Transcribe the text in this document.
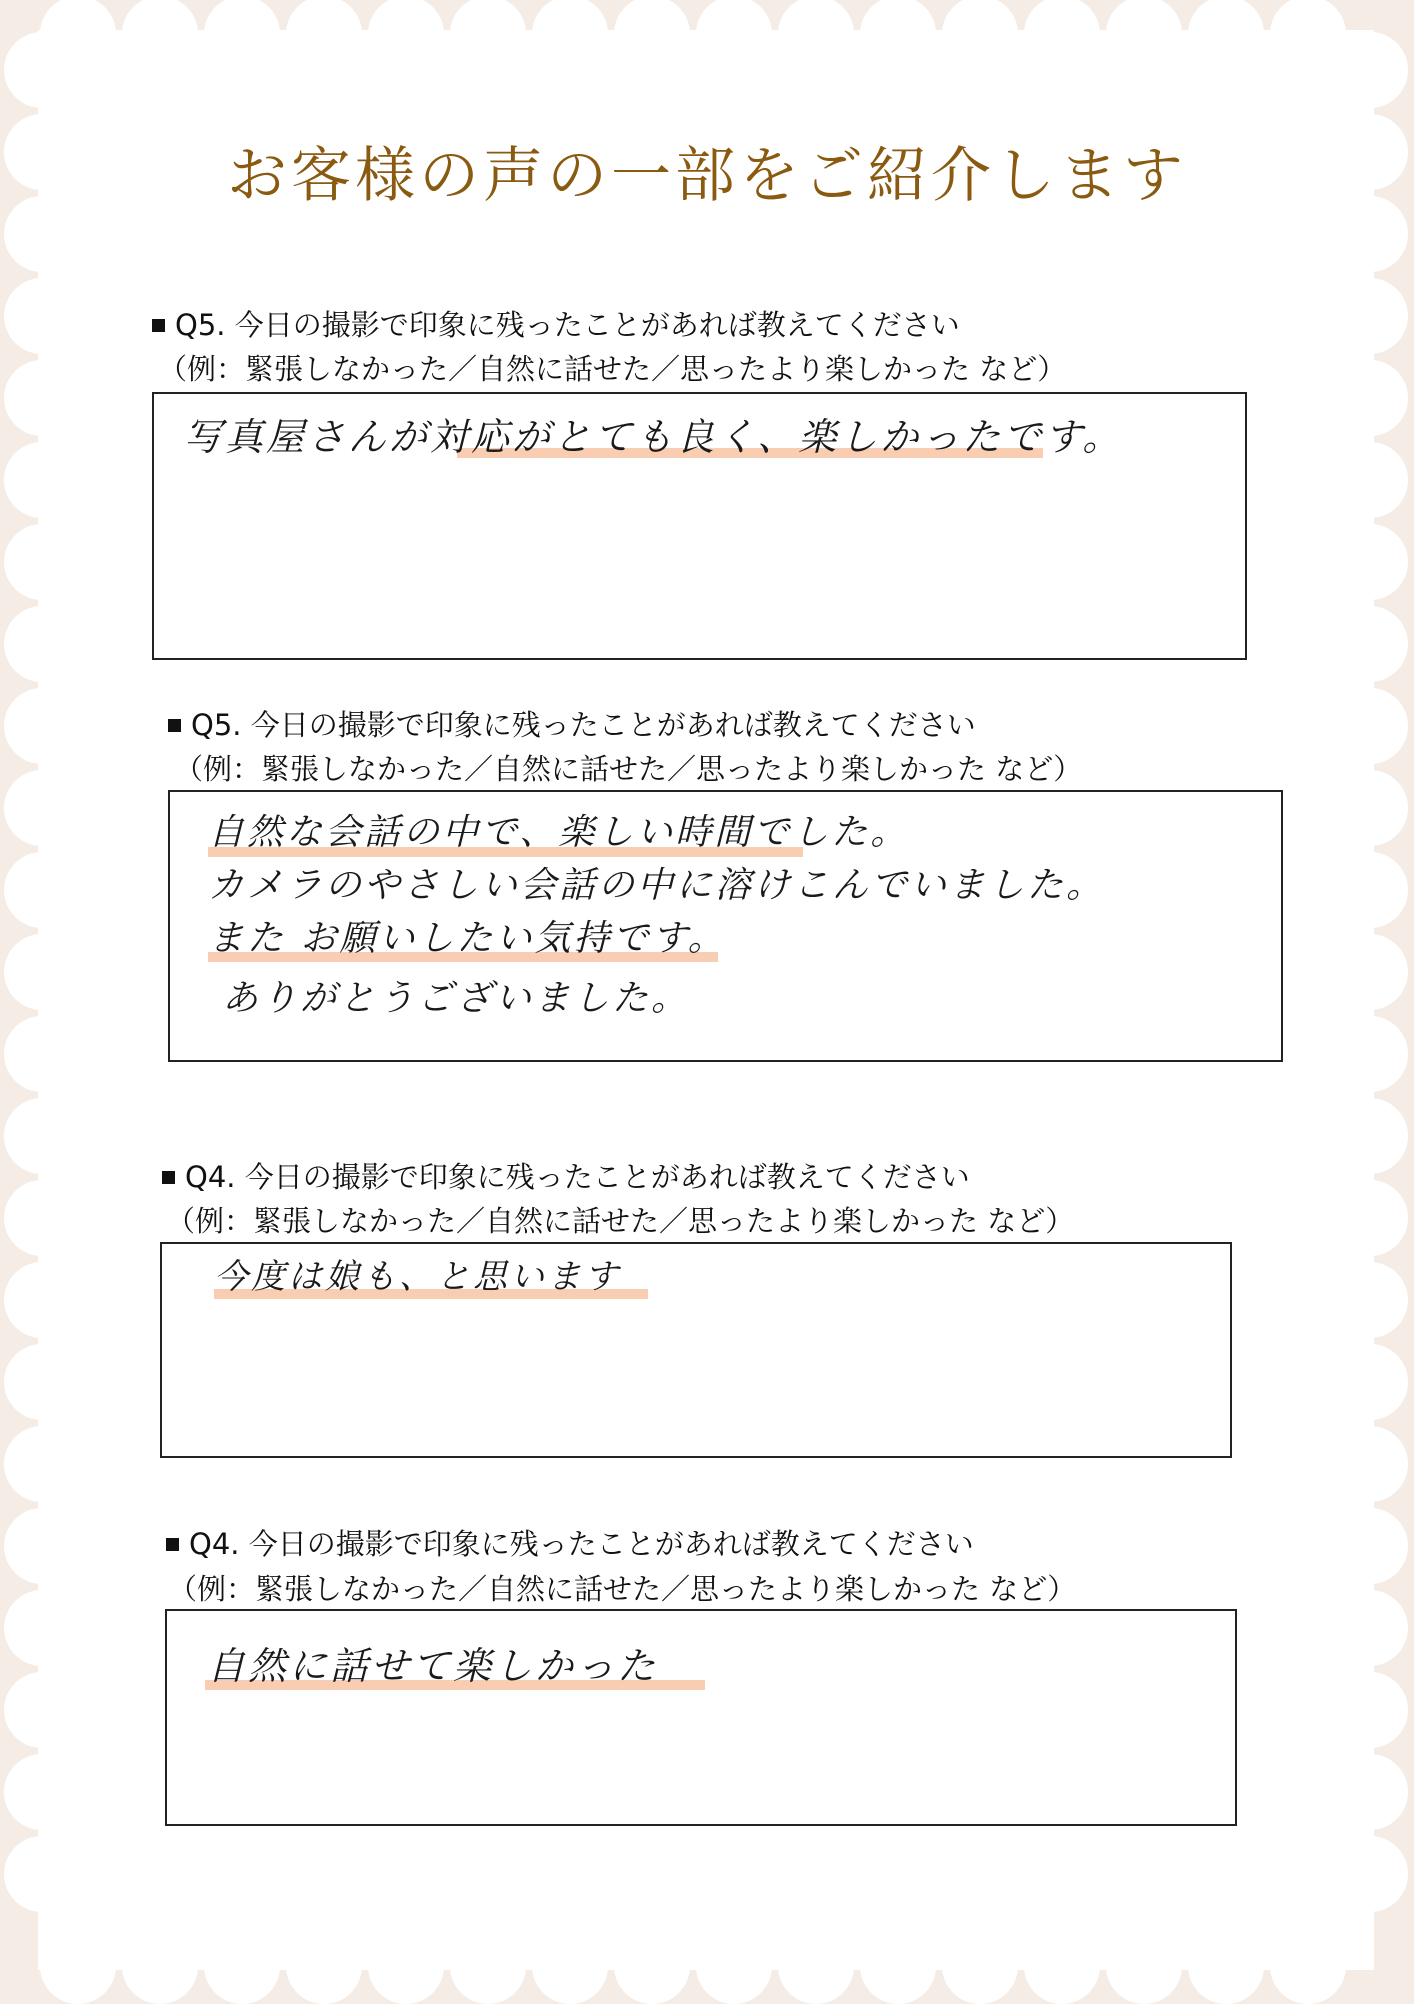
お客様の声の一部をご紹介します
Q5. 今日の撮影で印象に残ったことがあれば教えてください
（例：緊張しなかった／自然に話せた／思ったより楽しかった など）
写真屋さんが対応がとても良く、楽しかったです。
Q5. 今日の撮影で印象に残ったことがあれば教えてください
（例：緊張しなかった／自然に話せた／思ったより楽しかった など）
自然な会話の中で、楽しい時間でした。
カメラのやさしい会話の中に溶けこんでいました。
また お願いしたい気持です。
ありがとうございました。
Q4. 今日の撮影で印象に残ったことがあれば教えてください
（例：緊張しなかった／自然に話せた／思ったより楽しかった など）
今度は娘も、と思います
Q4. 今日の撮影で印象に残ったことがあれば教えてください
（例：緊張しなかった／自然に話せた／思ったより楽しかった など）
自然に話せて楽しかった
